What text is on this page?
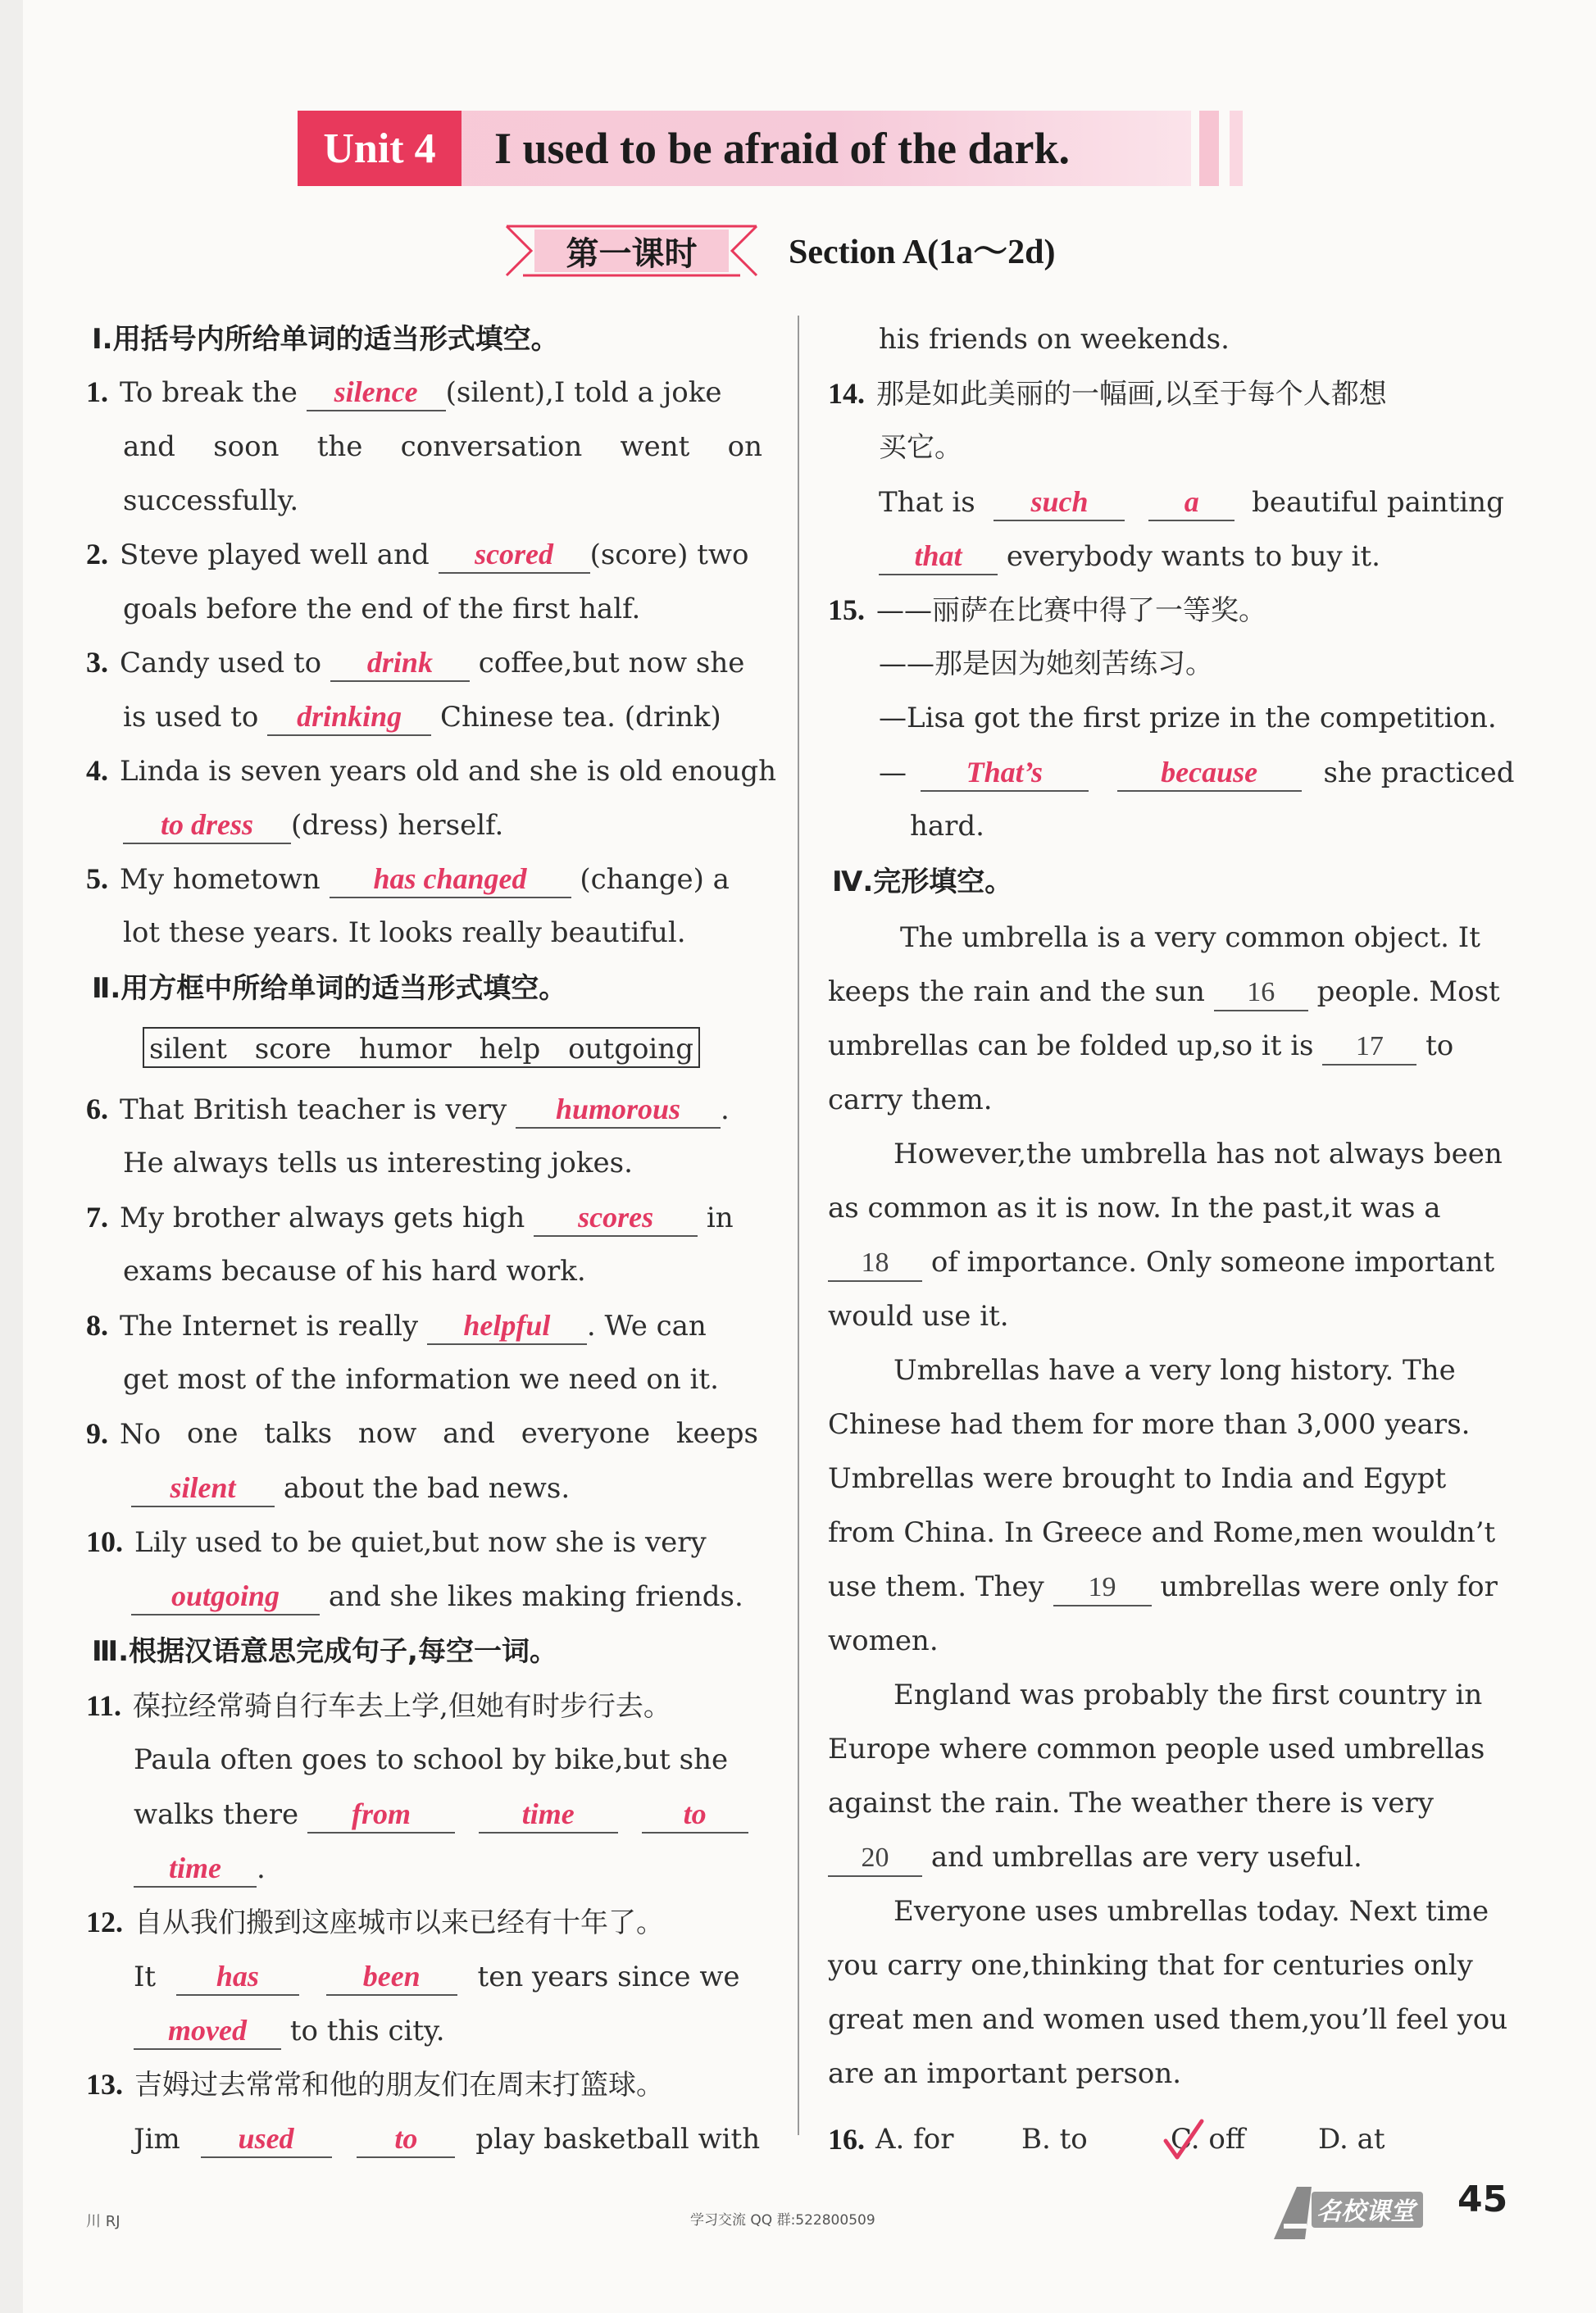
Unit 4	I used to be afraid of the dark.
第一课时	Section A(1a～2d)
Ⅰ.用括号内所给单词的适当形式填空。
1. To break the silence (silent),I told a joke
and soon the conversation went on
successfully.
2. Steve played well and scored (score) two
goals before the end of the first half.
3. Candy used to drink coffee,but now she
is used to drinking Chinese tea. (drink)
4. Linda is seven years old and she is old enough
to dress (dress) herself.
5. My hometown has changed (change) a
lot these years. It looks really beautiful.
Ⅱ.用方框中所给单词的适当形式填空。
silent score humor help outgoing
6. That British teacher is very humorous .
He always tells us interesting jokes.
7. My brother always gets high scores in
exams because of his hard work.
8. The Internet is really helpful . We can
get most of the information we need on it.
9. No one talks now and everyone keeps
silent about the bad news.
10. Lily used to be quiet,but now she is very
outgoing and she likes making friends.
Ⅲ.根据汉语意思完成句子,每空一词。
11. 葆拉经常骑自行车去上学,但她有时步行去。
Paula often goes to school by bike,but she
walks there from	time	to
time .
12. 自从我们搬到这座城市以来已经有十年了。
It has	been ten years since we
moved to this city.
13. 吉姆过去常常和他的朋友们在周末打篮球。
Jim used	to play basketball with
his friends on weekends.
14. 那是如此美丽的一幅画,以至于每个人都想
买它。
That is such	a beautiful painting
that everybody wants to buy it.
15. ——丽萨在比赛中得了一等奖。
——那是因为她刻苦练习。
—Lisa got the first prize in the competition.
— That’s	because she practiced
hard.
Ⅳ.完形填空。
The umbrella is a very common object. It
keeps the rain and the sun 16 people. Most
umbrellas can be folded up,so it is 17 to
carry them.
However,the umbrella has not always been
as common as it is now. In the past,it was a
18 of importance. Only someone important
would use it.
Umbrellas have a very long history. The
Chinese had them for more than 3,000 years.
Umbrellas were brought to India and Egypt
from China. In Greece and Rome,men wouldn’t
use them. They 19 umbrellas were only for
women.
England was probably the first country in
Europe where common people used umbrellas
against the rain. The weather there is very
20 and umbrellas are very useful.
Everyone uses umbrellas today. Next time
you carry one,thinking that for centuries only
great men and women used them,you’ll feel you
are an important person.
16. A. for B. to	C. off	D. at
川 RJ	学习交流 QQ 群:522800509	名校课堂 45
